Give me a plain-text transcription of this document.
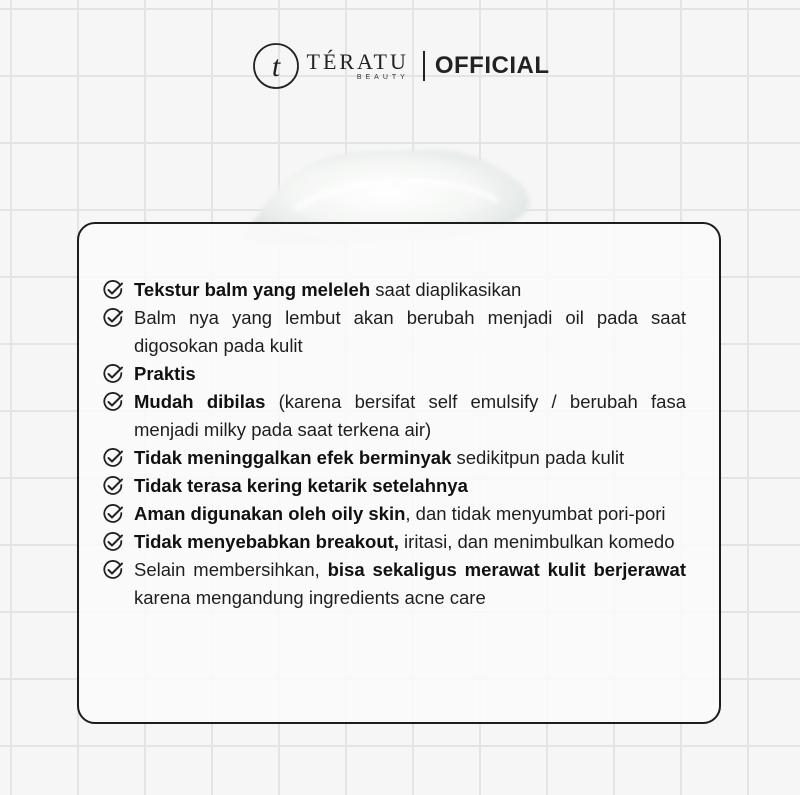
t TÉRATU
BEAUTY OFFICIAL
Tekstur balm yang meleleh saat diaplikasikan
Balm nya yang lembut akan berubah menjadi oil pada saat digosokan pada kulit
Praktis
Mudah dibilas (karena bersifat self emulsify / berubah fasa menjadi milky pada saat terkena air)
Tidak meninggalkan efek berminyak sedikitpun pada kulit
Tidak terasa kering ketarik setelahnya
Aman digunakan oleh oily skin, dan tidak menyumbat pori-pori
Tidak menyebabkan breakout, iritasi, dan menimbulkan komedo
Selain membersihkan, bisa sekaligus merawat kulit berjerawat karena mengandung ingredients acne care
